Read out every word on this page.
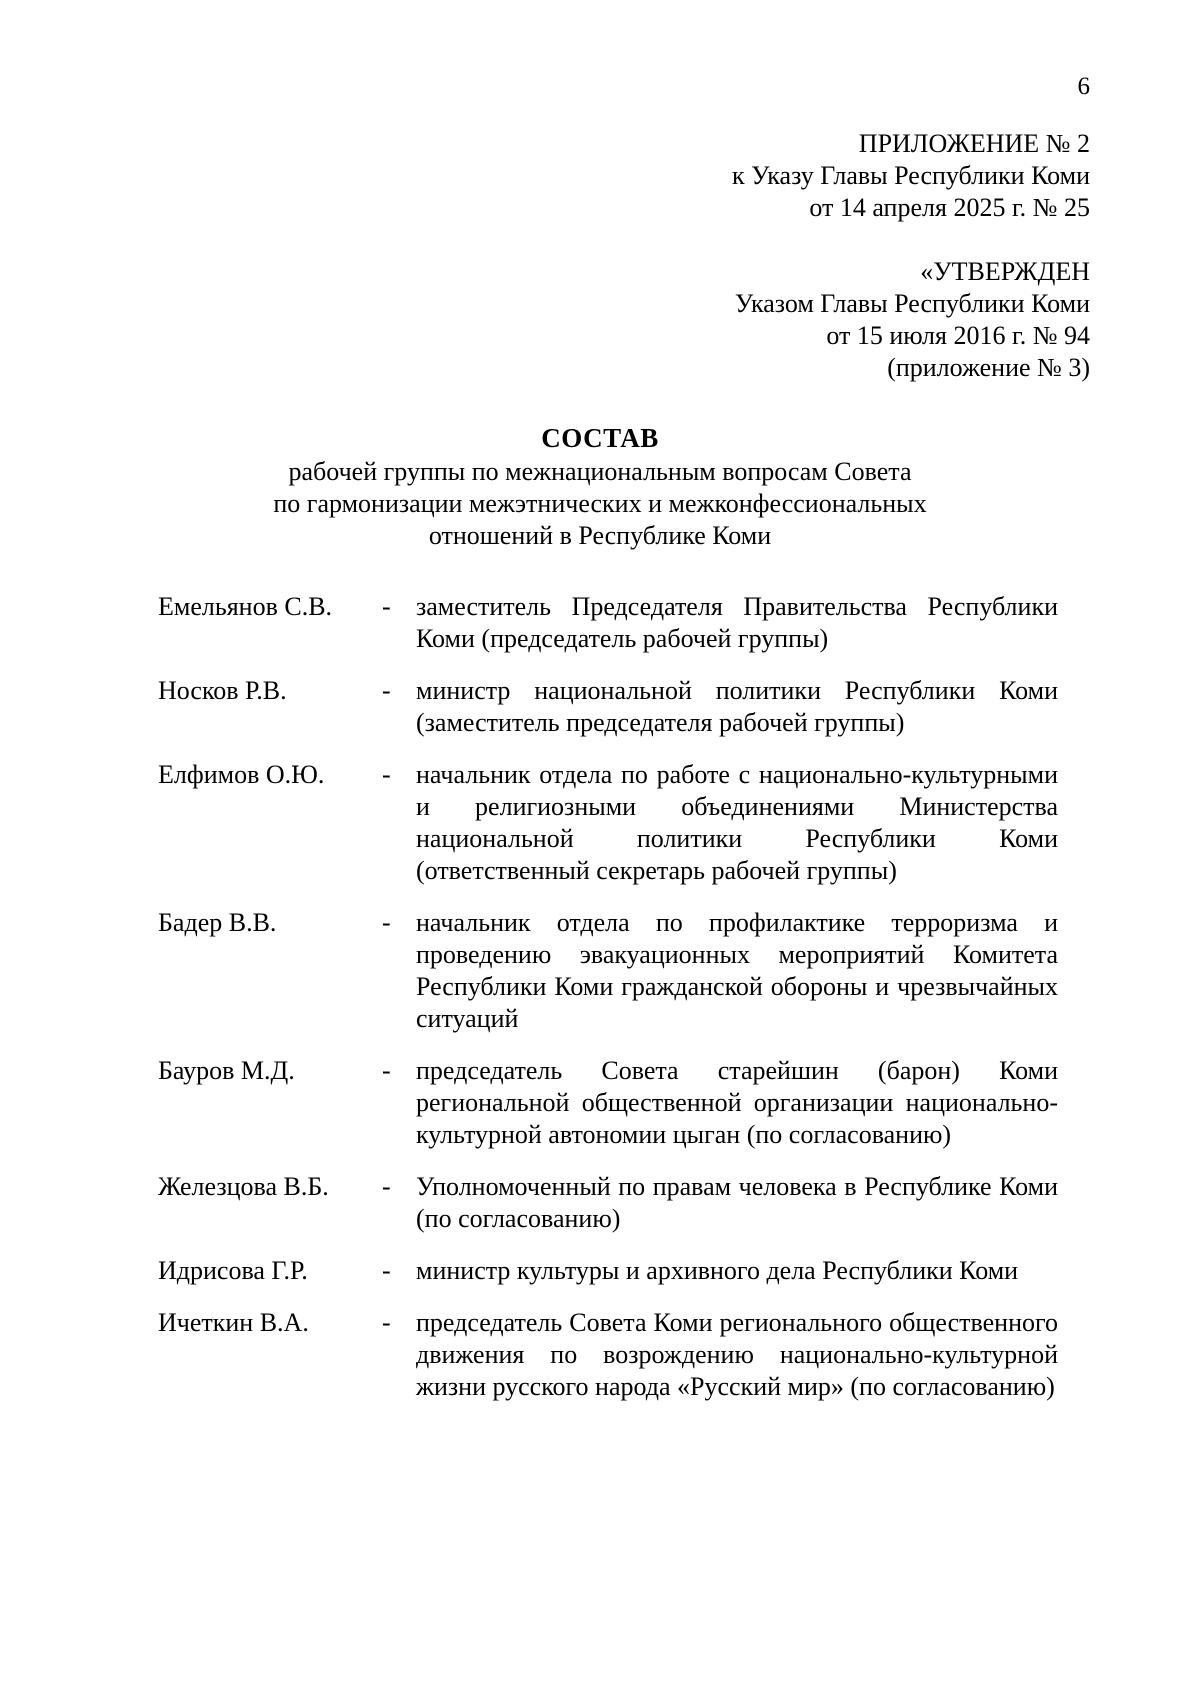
6
ПРИЛОЖЕНИЕ № 2
к Указу Главы Республики Коми
от 14 апреля 2025 г. № 25
«УТВЕРЖДЕН
Указом Главы Республики Коми
от 15 июля 2016 г. № 94
(приложение № 3)
СОСТАВ
рабочей группы по межнациональным вопросам Совета
по гармонизации межэтнических и межконфессиональных
отношений в Республике Коми
Емельянов С.В.	- заместитель Председателя Правительства Республики Коми (председатель рабочей группы)
Носков Р.В.	- министр национальной политики Республики Коми (заместитель председателя рабочей группы)
Елфимов О.Ю.	- начальник отдела по работе с национально-культурными и религиозными объединениями Министерства национальной политики Республики Коми (ответственный секретарь рабочей группы)
Бадер В.В.	- начальник отдела по профилактике терроризма и проведению эвакуационных мероприятий Комитета Республики Коми гражданской обороны и чрезвычайных ситуаций
Бауров М.Д.	- председатель Совета старейшин (барон) Коми региональной общественной организации национально-культурной автономии цыган (по согласованию)
Железцова В.Б.	- Уполномоченный по правам человека в Республике Коми (по согласованию)
Идрисова Г.Р.	- министр культуры и архивного дела Республики Коми
Ичеткин В.А.	- председатель Совета Коми регионального общественного движения по возрождению национально-культурной жизни русского народа «Русский мир» (по согласованию)
